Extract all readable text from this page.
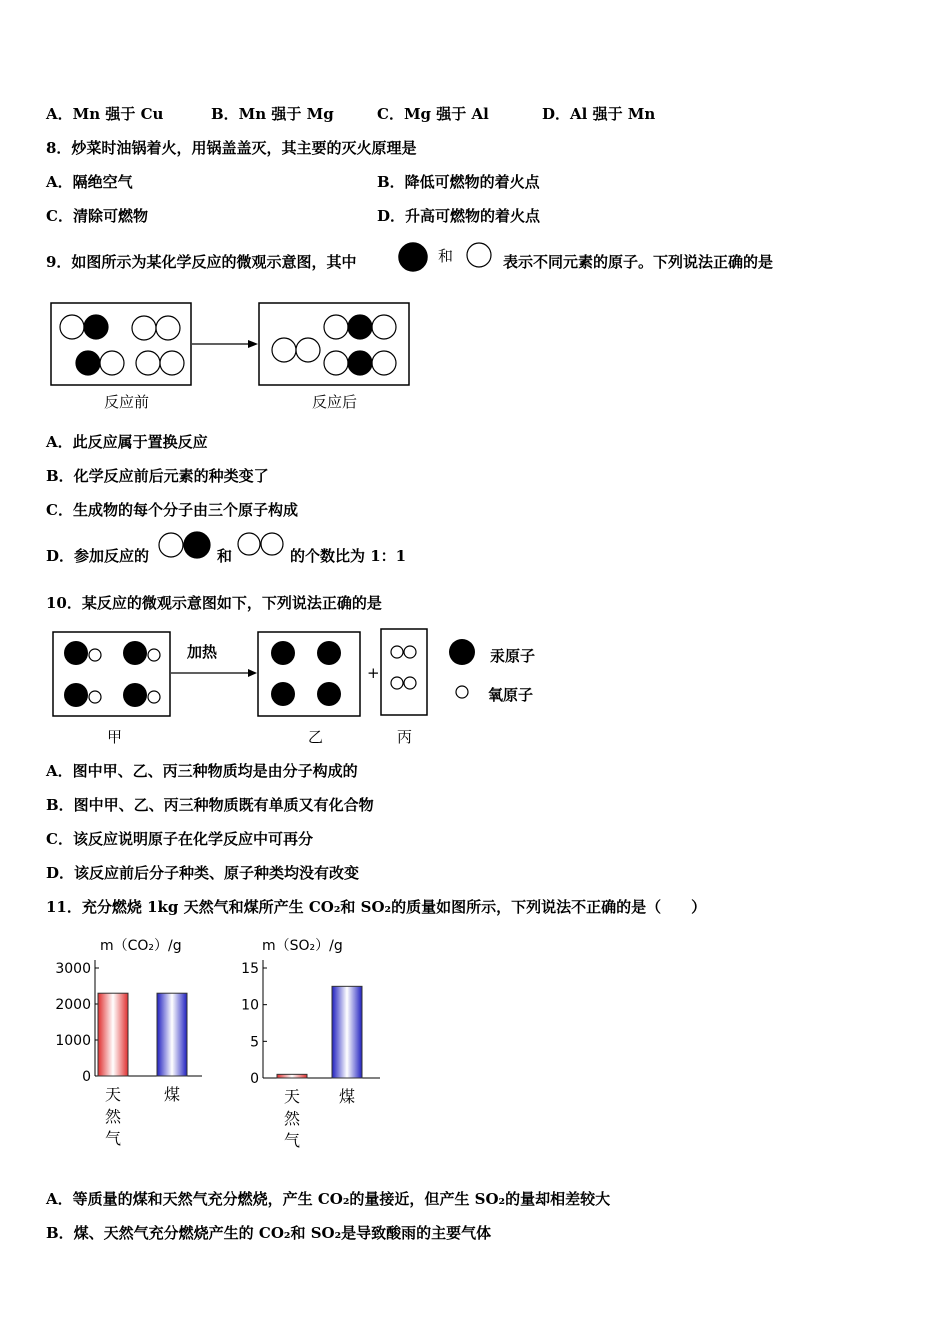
A．Mn 强于 Cu	B．Mn 强于 Mg	C．Mg 强于 Al	D．Al 强于 Mn
8．炒菜时油锅着火，用锅盖盖灭，其主要的灭火原理是
A．隔绝空气	B．降低可燃物的着火点
C．清除可燃物	D．升高可燃物的着火点
9．如图所示为某化学反应的微观示意图，其中	和	表示不同元素的原子。下列说法正确的是
反应前	反应后
A．此反应属于置换反应
B．化学反应前后元素的种类变了
C．生成物的每个分子由三个原子构成
D．参加反应的	和	的个数比为 1：1
10．某反应的微观示意图如下，下列说法正确的是
加热
+
汞原子
氧原子
甲	乙	丙
A．图中甲、乙、丙三种物质均是由分子构成的
B．图中甲、乙、丙三种物质既有单质又有化合物
C．该反应说明原子在化学反应中可再分
D．该反应前后分子种类、原子种类均没有改变
11．充分燃烧 1kg 天然气和煤所产生 CO₂和 SO₂的质量如图所示，下列说法不正确的是（　　）
m（CO₂）/g
0
1000
2000
3000
天然气
煤
m（SO₂）/g
0
5
10
15
天然气
煤
A．等质量的煤和天然气充分燃烧，产生 CO₂的量接近，但产生 SO₂的量却相差较大
B．煤、天然气充分燃烧产生的 CO₂和 SO₂是导致酸雨的主要气体
